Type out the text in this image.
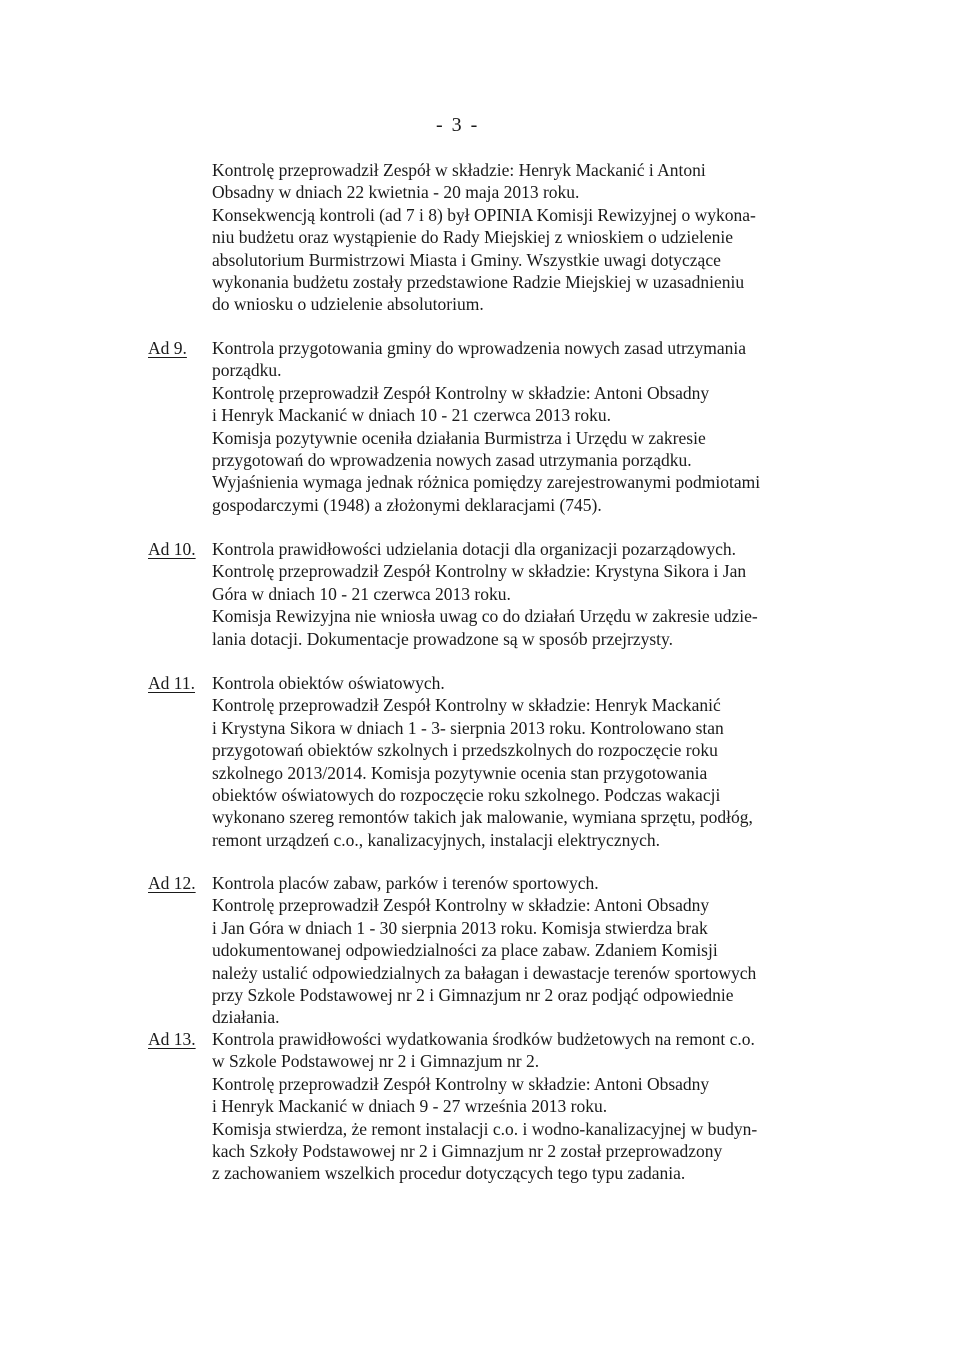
- 3 -
Kontrolę przeprowadził Zespół w składzie: Henryk Mackanić i Antoni
Obsadny w dniach 22 kwietnia - 20 maja 2013 roku.
Konsekwencją kontroli (ad 7 i 8) był OPINIA Komisji Rewizyjnej o wykona-
niu budżetu oraz wystąpienie do Rady Miejskiej z wnioskiem o udzielenie
absolutorium Burmistrzowi Miasta i Gminy. Wszystkie uwagi dotyczące
wykonania budżetu zostały przedstawione Radzie Miejskiej w uzasadnieniu
do wniosku o udzielenie absolutorium.
Ad 9. Kontrola przygotowania gminy do wprowadzenia nowych zasad utrzymania
porządku.
Kontrolę przeprowadził Zespół Kontrolny w składzie: Antoni Obsadny
i Henryk Mackanić w dniach 10 - 21 czerwca 2013 roku.
Komisja pozytywnie oceniła działania Burmistrza i Urzędu w zakresie
przygotowań do wprowadzenia nowych zasad utrzymania porządku.
Wyjaśnienia wymaga jednak różnica pomiędzy zarejestrowanymi podmiotami
gospodarczymi (1948) a złożonymi deklaracjami (745).
Ad 10. Kontrola prawidłowości udzielania dotacji dla organizacji pozarządowych.
Kontrolę przeprowadził Zespół Kontrolny w składzie: Krystyna Sikora i Jan
Góra w dniach 10 - 21 czerwca 2013 roku.
Komisja Rewizyjna nie wniosła uwag co do działań Urzędu w zakresie udzie-
lania dotacji. Dokumentacje prowadzone są w sposób przejrzysty.
Ad 11. Kontrola obiektów oświatowych.
Kontrolę przeprowadził Zespół Kontrolny w składzie: Henryk Mackanić
i Krystyna Sikora w dniach 1 - 3- sierpnia 2013 roku. Kontrolowano stan
przygotowań obiektów szkolnych i przedszkolnych do rozpoczęcie roku
szkolnego 2013/2014. Komisja pozytywnie ocenia stan przygotowania
obiektów oświatowych do rozpoczęcie roku szkolnego. Podczas wakacji
wykonano szereg remontów takich jak malowanie, wymiana sprzętu, podłóg,
remont urządzeń c.o., kanalizacyjnych, instalacji elektrycznych.
Ad 12. Kontrola placów zabaw, parków i terenów sportowych.
Kontrolę przeprowadził Zespół Kontrolny w składzie: Antoni Obsadny
i Jan Góra w dniach 1 - 30 sierpnia 2013 roku. Komisja stwierdza brak
udokumentowanej odpowiedzialności za place zabaw. Zdaniem Komisji
należy ustalić odpowiedzialnych za bałagan i dewastacje terenów sportowych
przy Szkole Podstawowej nr 2 i Gimnazjum nr 2 oraz podjąć odpowiednie
działania.
Ad 13. Kontrola prawidłowości wydatkowania środków budżetowych na remont c.o.
w Szkole Podstawowej nr 2 i Gimnazjum nr 2.
Kontrolę przeprowadził Zespół Kontrolny w składzie: Antoni Obsadny
i Henryk Mackanić w dniach 9 - 27 września 2013 roku.
Komisja stwierdza, że remont instalacji c.o. i wodno-kanalizacyjnej w budyn-
kach Szkoły Podstawowej nr 2 i Gimnazjum nr 2 został przeprowadzony
z zachowaniem wszelkich procedur dotyczących tego typu zadania.
